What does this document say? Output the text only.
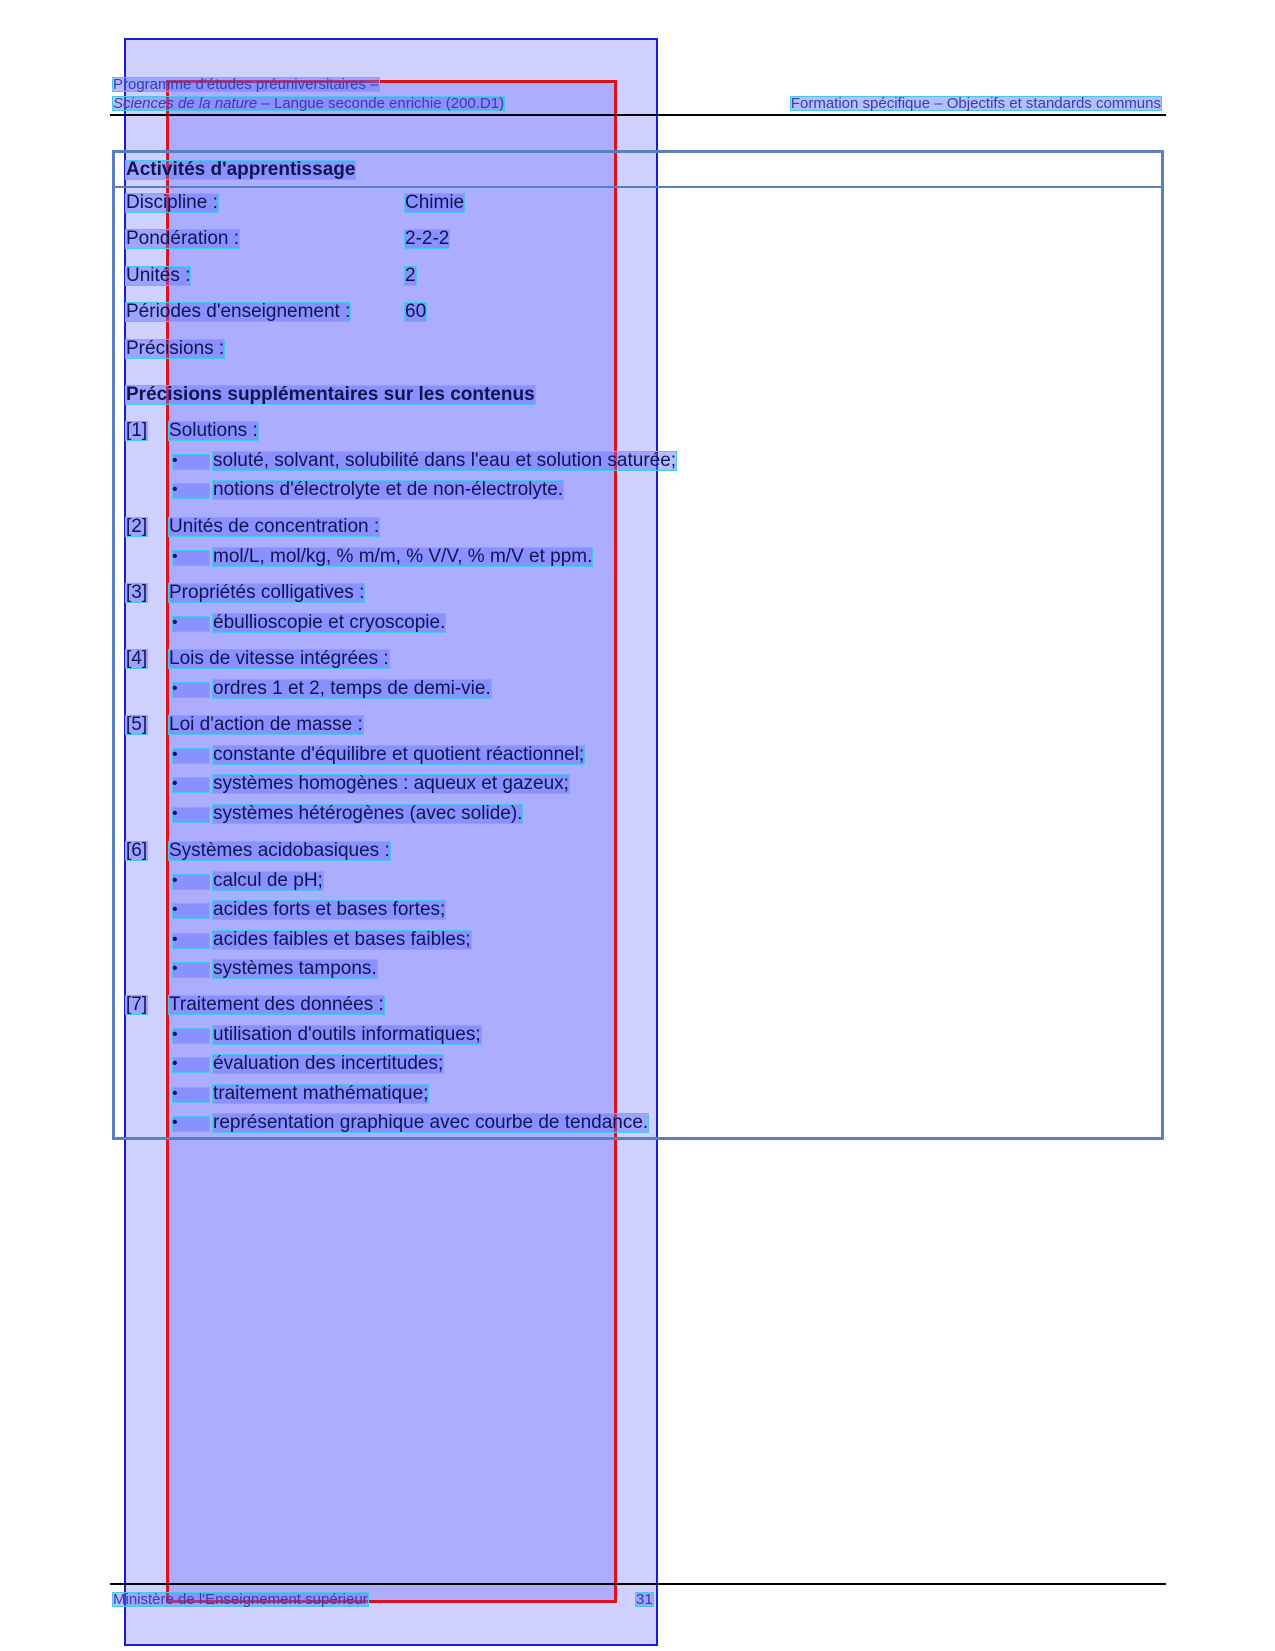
Programme d'études préuniversitaires –
Sciences de la nature – Langue seconde enrichie (200.D1)	Formation spécifique – Objectifs et standards communs
Activités d'apprentissage
Discipline :	Chimie
Pondération :	2-2-2
Unités :	2
Périodes d'enseignement :	60
Précisions :
Précisions supplémentaires sur les contenus
[1] Solutions :
• soluté, solvant, solubilité dans l'eau et solution saturée;
• notions d'électrolyte et de non-électrolyte.
[2] Unités de concentration :
• mol/L, mol/kg, % m/m, % V/V, % m/V et ppm.
[3] Propriétés colligatives :
• ébullioscopie et cryoscopie.
[4] Lois de vitesse intégrées :
• ordres 1 et 2, temps de demi-vie.
[5] Loi d'action de masse :
• constante d'équilibre et quotient réactionnel;
• systèmes homogènes : aqueux et gazeux;
• systèmes hétérogènes (avec solide).
[6] Systèmes acidobasiques :
• calcul de pH;
• acides forts et bases fortes;
• acides faibles et bases faibles;
• systèmes tampons.
[7] Traitement des données :
• utilisation d'outils informatiques;
• évaluation des incertitudes;
• traitement mathématique;
• représentation graphique avec courbe de tendance.
Ministère de l'Enseignement supérieur	31
